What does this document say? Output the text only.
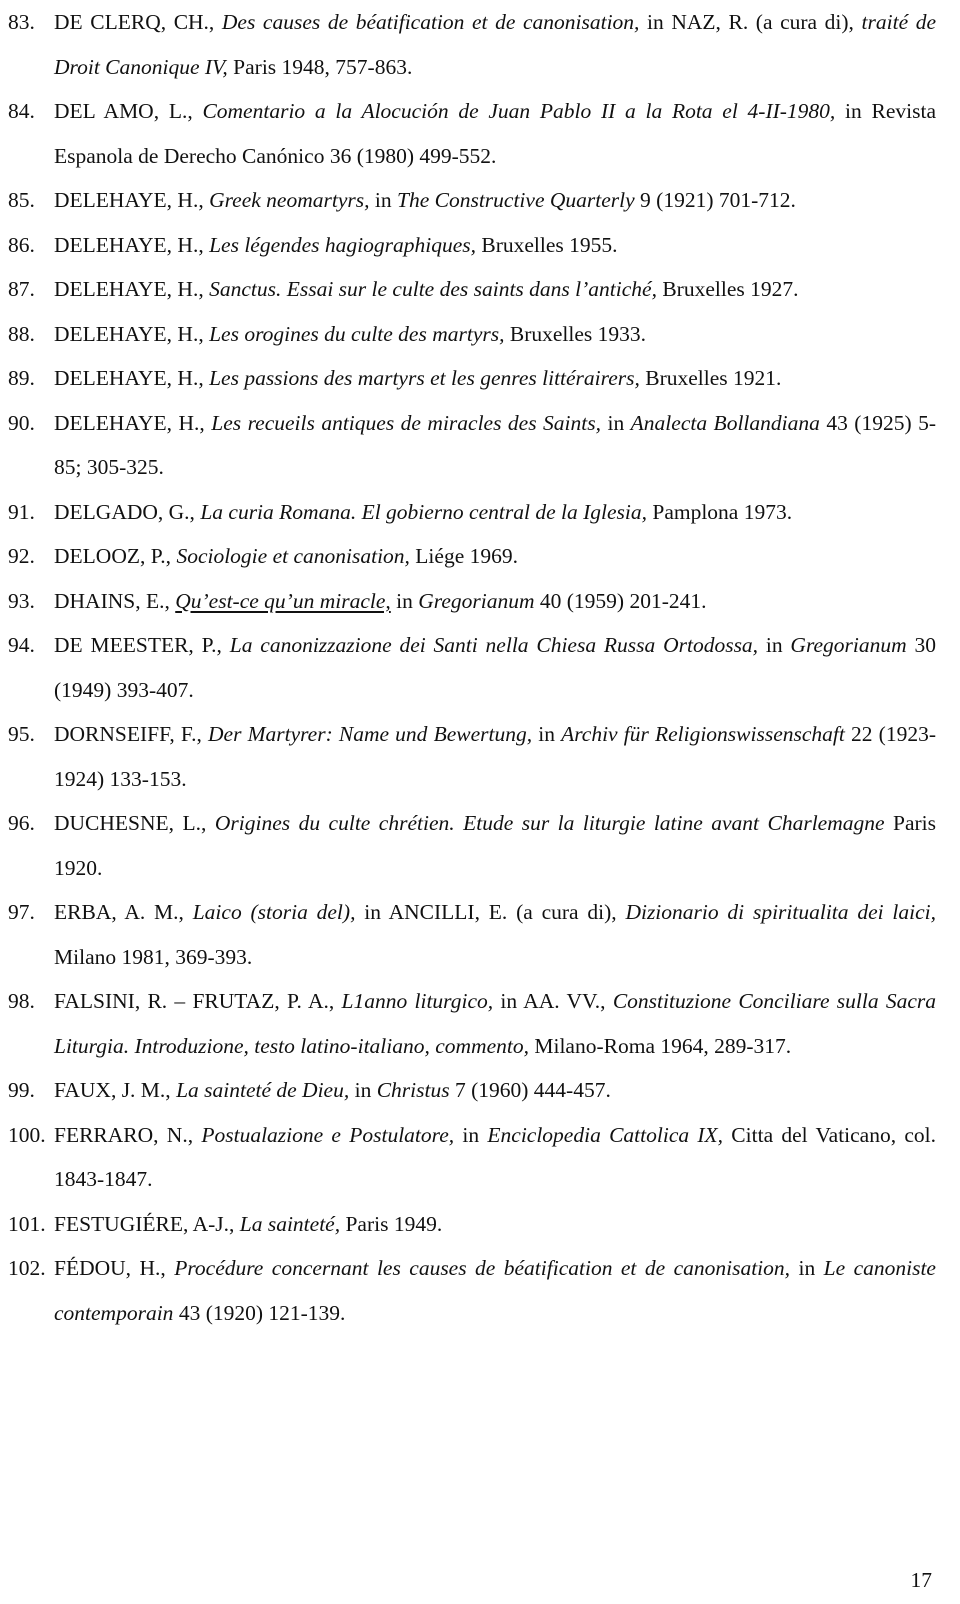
83. DE CLERQ, CH., Des causes de béatification et de canonisation, in NAZ, R. (a cura di), traité de Droit Canonique IV, Paris 1948, 757-863.
84. DEL AMO, L., Comentario a la Alocución de Juan Pablo II a la Rota el 4-II-1980, in Revista Espanola de Derecho Canónico 36 (1980) 499-552.
85. DELEHAYE, H., Greek neomartyrs, in The Constructive Quarterly 9 (1921) 701-712.
86. DELEHAYE, H., Les légendes hagiographiques, Bruxelles 1955.
87. DELEHAYE, H., Sanctus. Essai sur le culte des saints dans l’antiché, Bruxelles 1927.
88. DELEHAYE, H., Les orogines du culte des martyrs, Bruxelles 1933.
89. DELEHAYE, H., Les passions des martyrs et les genres littérairers, Bruxelles 1921.
90. DELEHAYE, H., Les recueils antiques de miracles des Saints, in Analecta Bollandiana 43 (1925) 5-85; 305-325.
91. DELGADO, G., La curia Romana. El gobierno central de la Iglesia, Pamplona 1973.
92. DELOOZ, P., Sociologie et canonisation, Liége 1969.
93. DHAINS, E., Qu’est-ce qu’un miracle, in Gregorianum 40 (1959) 201-241.
94. DE MEESTER, P., La canonizzazione dei Santi nella Chiesa Russa Ortodossa, in Gregorianum 30 (1949) 393-407.
95. DORNSEIFF, F., Der Martyrer: Name und Bewertung, in Archiv für Religionswissenschaft 22 (1923-1924) 133-153.
96. DUCHESNE, L., Origines du culte chrétien. Etude sur la liturgie latine avant Charlemagne Paris 1920.
97. ERBA, A. M., Laico (storia del), in ANCILLI, E. (a cura di), Dizionario di spiritualita dei laici, Milano 1981, 369-393.
98. FALSINI, R. – FRUTAZ, P. A., L1anno liturgico, in AA. VV., Constituzione Conciliare sulla Sacra Liturgia. Introduzione, testo latino-italiano, commento, Milano-Roma 1964, 289-317.
99. FAUX, J. M., La sainteté de Dieu, in Christus 7 (1960) 444-457.
100. FERRARO, N., Postualazione e Postulatore, in Enciclopedia Cattolica IX, Citta del Vaticano, col. 1843-1847.
101. FESTUGIÉRE, A-J., La sainteté, Paris 1949.
102. FÉDOU, H., Procédure concernant les causes de béatification et de canonisation, in Le canoniste contemporain 43 (1920) 121-139.
17
